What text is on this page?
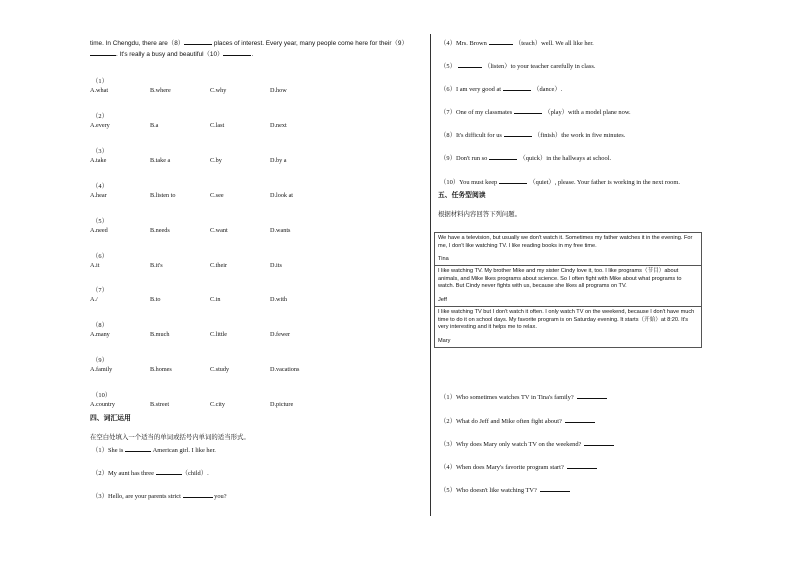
time. In Chengdu, there are（8）	places of interest. Every year, many people come here for their（9）
. It's really a busy and beautiful（10）	.
（1）
A.what	B.where	C.why	D.how
（2）
A.every	B.a	C.last	D.next
（3）
A.take	B.take a	C.by	D.by a
（4）
A.hear	B.listen to	C.see	D.look at
（5）
A.need	B.needs	C.want	D.wants
（6）
A.it	B.it's	C.their	D.its
（7）
A./	B.to	C.in	D.with
（8）
A.many	B.much	C.little	D.fewer
（9）
A.family	B.homes	C.study	D.vacations
（10）
A.country	B.street	C.city	D.picture
四、词汇运用
在空白处填入一个适当的单词或括号内单词的适当形式。
（1）She is	American girl. I like her.
（2）My aunt has three	（child）.
（3）Hello, are your parents strict	you?
（4）Mrs. Brown	（teach）well. We all like her.
（5）	（listen）to your teacher carefully in class.
（6）I am very good at	（dance）.
（7）One of my classmates	（play）with a model plane now.
（8）It's difficult for us	（finish）the work in five minutes.
（9）Don't run so	（quick）in the hallways at school.
（10）You must keep	（quiet）, please. Your father is working in the next room.
五、任务型阅读
根据材料内容回答下列问题。

We have a television, but usually we don't watch it. Sometimes my father watches it in the evening. For me, I don't like watching TV. I like reading books in my free time.

Tina

I like watching TV. My brother Mike and my sister Cindy love it, too. I like programs（节目）about animals, and Mike likes programs about science. So I often fight with Mike about what programs to watch. But Cindy never fights with us, because she likes all programs on TV.

Jeff

I like watching TV but I don't watch it often. I only watch TV on the weekend, because I don't have much time to do it on school days. My favorite program is on Saturday evening. It starts（开始）at 8:20. It's very interesting and it helps me to relax.

Mary
（1）Who sometimes watches TV in Tina's family?
（2）What do Jeff and Mike often fight about?
（3）Why does Mary only watch TV on the weekend?
（4）When does Mary's favorite program start?
（5）Who doesn't like watching TV?
